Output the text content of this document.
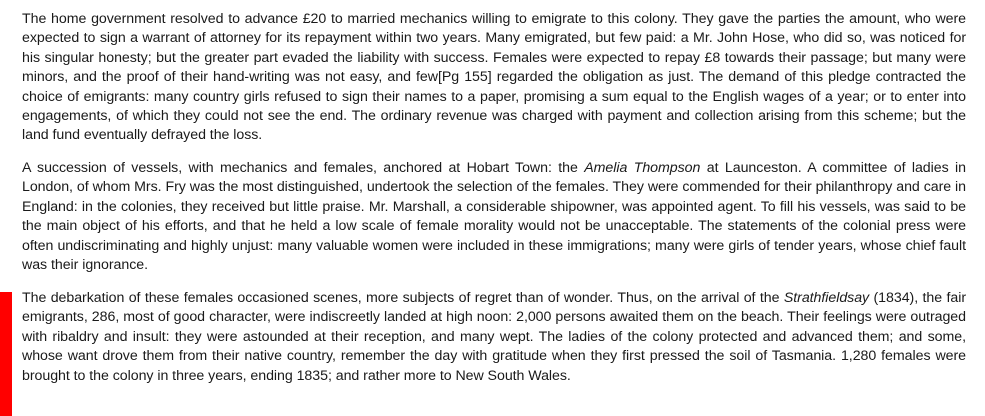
The home government resolved to advance £20 to married mechanics willing to emigrate to this colony. They gave the parties the amount, who were expected to sign a warrant of attorney for its repayment within two years. Many emigrated, but few paid: a Mr. John Hose, who did so, was noticed for his singular honesty; but the greater part evaded the liability with success. Females were expected to repay £8 towards their passage; but many were minors, and the proof of their hand-writing was not easy, and few[Pg 155] regarded the obligation as just. The demand of this pledge contracted the choice of emigrants: many country girls refused to sign their names to a paper, promising a sum equal to the English wages of a year; or to enter into engagements, of which they could not see the end. The ordinary revenue was charged with payment and collection arising from this scheme; but the land fund eventually defrayed the loss.

A succession of vessels, with mechanics and females, anchored at Hobart Town: the Amelia Thompson at Launceston. A committee of ladies in London, of whom Mrs. Fry was the most distinguished, undertook the selection of the females. They were commended for their philanthropy and care in England: in the colonies, they received but little praise. Mr. Marshall, a considerable shipowner, was appointed agent. To fill his vessels, was said to be the main object of his efforts, and that he held a low scale of female morality would not be unacceptable. The statements of the colonial press were often undiscriminating and highly unjust: many valuable women were included in these immigrations; many were girls of tender years, whose chief fault was their ignorance.

The debarkation of these females occasioned scenes, more subjects of regret than of wonder. Thus, on the arrival of the Strathfieldsay (1834), the fair emigrants, 286, most of good character, were indiscreetly landed at high noon: 2,000 persons awaited them on the beach. Their feelings were outraged with ribaldry and insult: they were astounded at their reception, and many wept. The ladies of the colony protected and advanced them; and some, whose want drove them from their native country, remember the day with gratitude when they first pressed the soil of Tasmania. 1,280 females were brought to the colony in three years, ending 1835; and rather more to New South Wales.
